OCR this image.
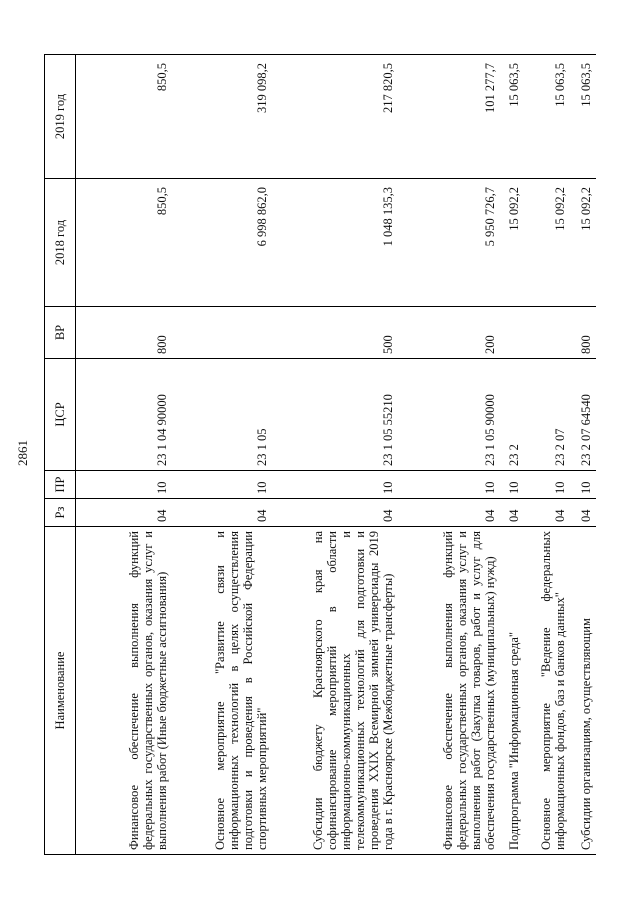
2861
Наименование	Рз	ПР	ЦСР	ВР	2018 год	2019 год
Финансовое обеспечение выполнения функций федеральных государственных органов, оказания услуг и выполнения работ (Иные бюджетные ассигнования)	04	10	23 1 04 90000	800	850,5	850,5
Основное мероприятие "Развитие связи и информационных технологий в целях осуществления подготовки и проведения в Российской Федерации спортивных мероприятий"	04	10	23 1 05		6 998 862,0	319 098,2
Субсидии бюджету Красноярского края на софинансирование мероприятий в области информационно-коммуникационных и телекоммуникационных технологий для подготовки и проведения XXIX Всемирной зимней универсиады 2019 года в г. Красноярске (Межбюджетные трансферты)	04	10	23 1 05 55210	500	1 048 135,3	217 820,5
Финансовое обеспечение выполнения функций федеральных государственных органов, оказания услуг и выполнения работ (Закупка товаров, работ и услуг для обеспечения государственных (муниципальных) нужд)	04	10	23 1 05 90000	200	5 950 726,7	101 277,7
Подпрограмма "Информационная среда"	04	10	23 2		15 092,2	15 063,5
Основное мероприятие "Ведение федеральных информационных фондов, баз и банков данных"	04	10	23 2 07		15 092,2	15 063,5
Субсидии организациям, осуществляющим	04	10	23 2 07 64540	800	15 092,2	15 063,5
